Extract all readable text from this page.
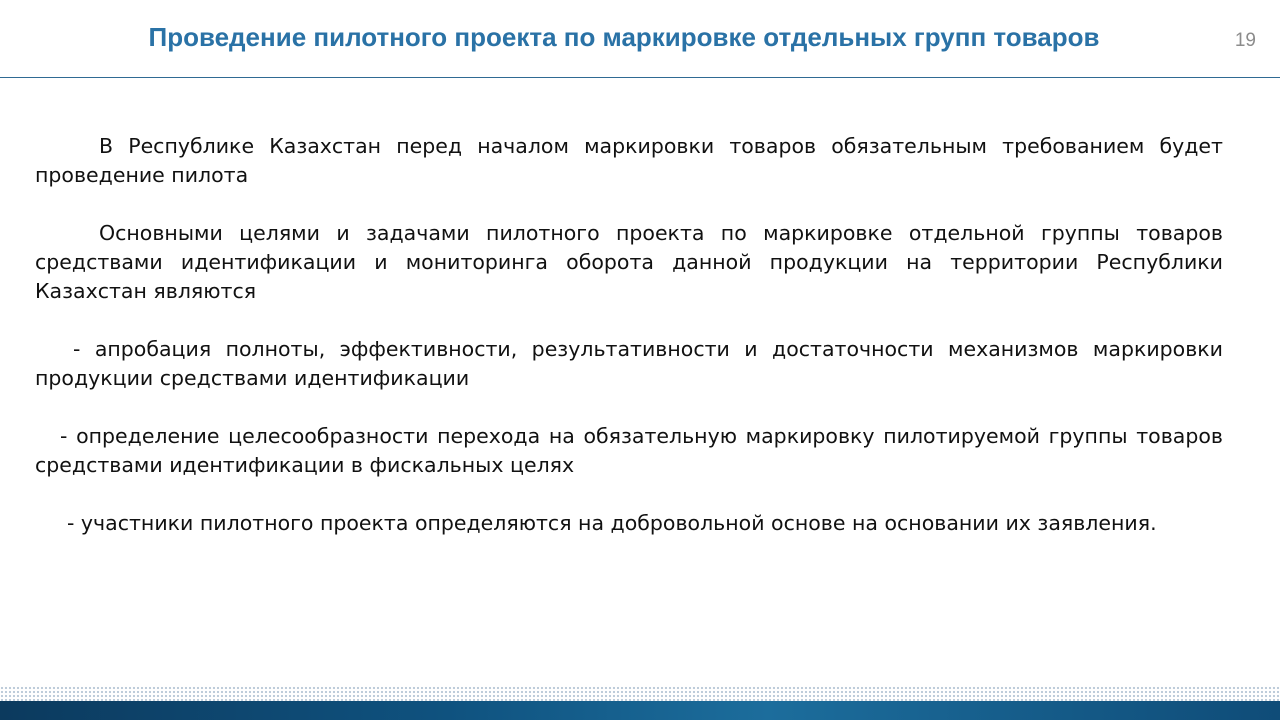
Проведение пилотного проекта по маркировке отдельных групп товаров	19

В Республике Казахстан перед началом маркировки товаров обязательным требованием будет проведение пилота

Основными целями и задачами пилотного проекта по маркировке отдельной группы товаров средствами идентификации и мониторинга оборота данной продукции на территории Республики Казахстан являются

- апробация полноты, эффективности, результативности и достаточности механизмов маркировки продукции средствами идентификации

- определение целесообразности перехода на обязательную маркировку пилотируемой группы товаров средствами идентификации в фискальных целях

- участники пилотного проекта определяются на добровольной основе на основании их заявления.
